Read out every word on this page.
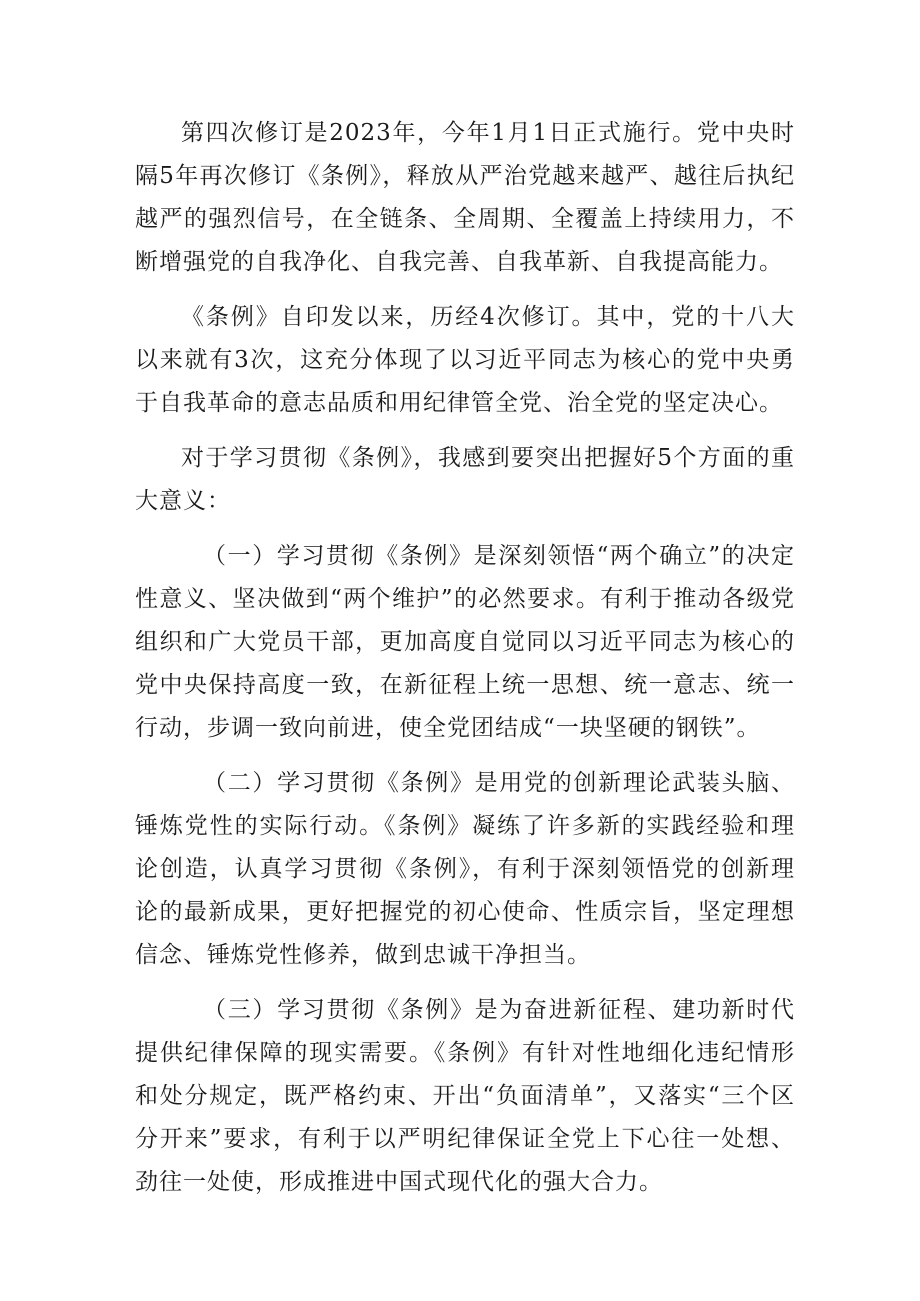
第四次修订是2023年，今年1月1日正式施行。党中央时隔5年再次修订《条例》，释放从严治党越来越严、越往后执纪越严的强烈信号，在全链条、全周期、全覆盖上持续用力，不断增强党的自我净化、自我完善、自我革新、自我提高能力。

《条例》自印发以来，历经4次修订。其中，党的十八大以来就有3次，这充分体现了以习近平同志为核心的党中央勇于自我革命的意志品质和用纪律管全党、治全党的坚定决心。

对于学习贯彻《条例》，我感到要突出把握好5个方面的重大意义：

（一）学习贯彻《条例》是深刻领悟“两个确立”的决定性意义、坚决做到“两个维护”的必然要求。有利于推动各级党组织和广大党员干部，更加高度自觉同以习近平同志为核心的党中央保持高度一致，在新征程上统一思想、统一意志、统一行动，步调一致向前进，使全党团结成“一块坚硬的钢铁”。

（二）学习贯彻《条例》是用党的创新理论武装头脑、锤炼党性的实际行动。《条例》凝练了许多新的实践经验和理论创造，认真学习贯彻《条例》，有利于深刻领悟党的创新理论的最新成果，更好把握党的初心使命、性质宗旨，坚定理想信念、锤炼党性修养，做到忠诚干净担当。

（三）学习贯彻《条例》是为奋进新征程、建功新时代提供纪律保障的现实需要。《条例》有针对性地细化违纪情形和处分规定，既严格约束、开出“负面清单”，又落实“三个区分开来”要求，有利于以严明纪律保证全党上下心往一处想、劲往一处使，形成推进中国式现代化的强大合力。
